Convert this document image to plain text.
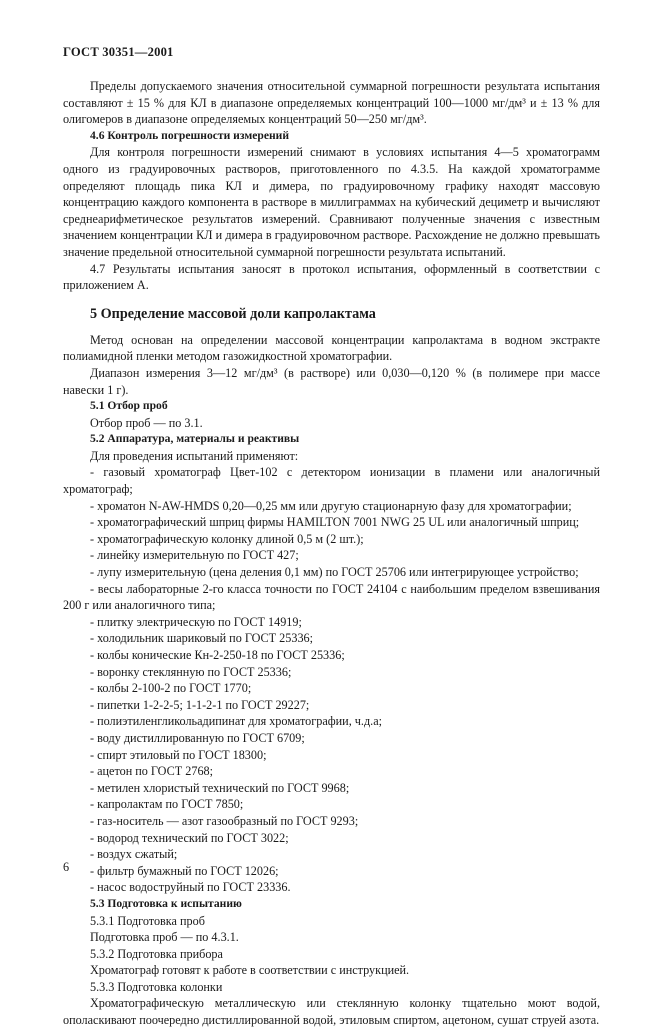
ГОСТ 30351—2001

Пределы допускаемого значения относительной суммарной погрешности результата испытания составляют ± 15 % для КЛ в диапазоне определяемых концентраций 100—1000 мг/дм³ и ± 13 % для олигомеров в диапазоне определяемых концентраций 50—250 мг/дм³.

4.6 Контроль погрешности измерений

Для контроля погрешности измерений снимают в условиях испытания 4—5 хроматограмм одного из градуировочных растворов, приготовленного по 4.3.5. На каждой хроматограмме определяют площадь пика КЛ и димера, по градуировочному графику находят массовую концентрацию каждого компонента в растворе в миллиграммах на кубический дециметр и вычисляют среднеарифметическое результатов измерений. Сравнивают полученные значения с известным значением концентрации КЛ и димера в градуировочном растворе. Расхождение не должно превышать значение предельной относительной суммарной погрешности результата испытаний.

4.7 Результаты испытания заносят в протокол испытания, оформленный в соответствии с приложением А.

5 Определение массовой доли капролактама

Метод основан на определении массовой концентрации капролактама в водном экстракте полиамидной пленки методом газожидкостной хроматографии.

Диапазон измерения 3—12 мг/дм³ (в растворе) или 0,030—0,120 % (в полимере при массе навески 1 г).

5.1 Отбор проб

Отбор проб — по 3.1.

5.2 Аппаратура, материалы и реактивы

Для проведения испытаний применяют:

- газовый хроматограф Цвет-102 с детектором ионизации в пламени или аналогичный хроматограф;

- хроматон N-AW-HMDS 0,20—0,25 мм или другую стационарную фазу для хроматографии;

- хроматографический шприц фирмы HAMILTON 7001 NWG 25 UL или аналогичный шприц;

- хроматографическую колонку длиной 0,5 м (2 шт.);

- линейку измерительную по ГОСТ 427;

- лупу измерительную (цена деления 0,1 мм) по ГОСТ 25706 или интегрирующее устройство;

- весы лабораторные 2-го класса точности по ГОСТ 24104 с наибольшим пределом взвешивания 200 г или аналогичного типа;

- плитку электрическую по ГОСТ 14919;

- холодильник шариковый по ГОСТ 25336;

- колбы конические Кн-2-250-18 по ГОСТ 25336;

- воронку стеклянную по ГОСТ 25336;

- колбы 2-100-2 по ГОСТ 1770;

- пипетки 1-2-2-5; 1-1-2-1 по ГОСТ 29227;

- полиэтиленгликольадипинат для хроматографии, ч.д.а;

- воду дистиллированную по ГОСТ 6709;

- спирт этиловый по ГОСТ 18300;

- ацетон по ГОСТ 2768;

- метилен хлористый технический по ГОСТ 9968;

- капролактам по ГОСТ 7850;

- газ-носитель — азот газообразный по ГОСТ 9293;

- водород технический по ГОСТ 3022;

- воздух сжатый;

- фильтр бумажный по ГОСТ 12026;

- насос водоструйный по ГОСТ 23336.

5.3 Подготовка к испытанию

5.3.1 Подготовка проб

Подготовка проб — по 4.3.1.

5.3.2 Подготовка прибора

Хроматограф готовят к работе в соответствии с инструкцией.

5.3.3 Подготовка колонки

Хроматографическую металлическую или стеклянную колонку тщательно моют водой, ополаскивают поочередно дистиллированной водой, этиловым спиртом, ацетоном, сушат струей азота.

6
